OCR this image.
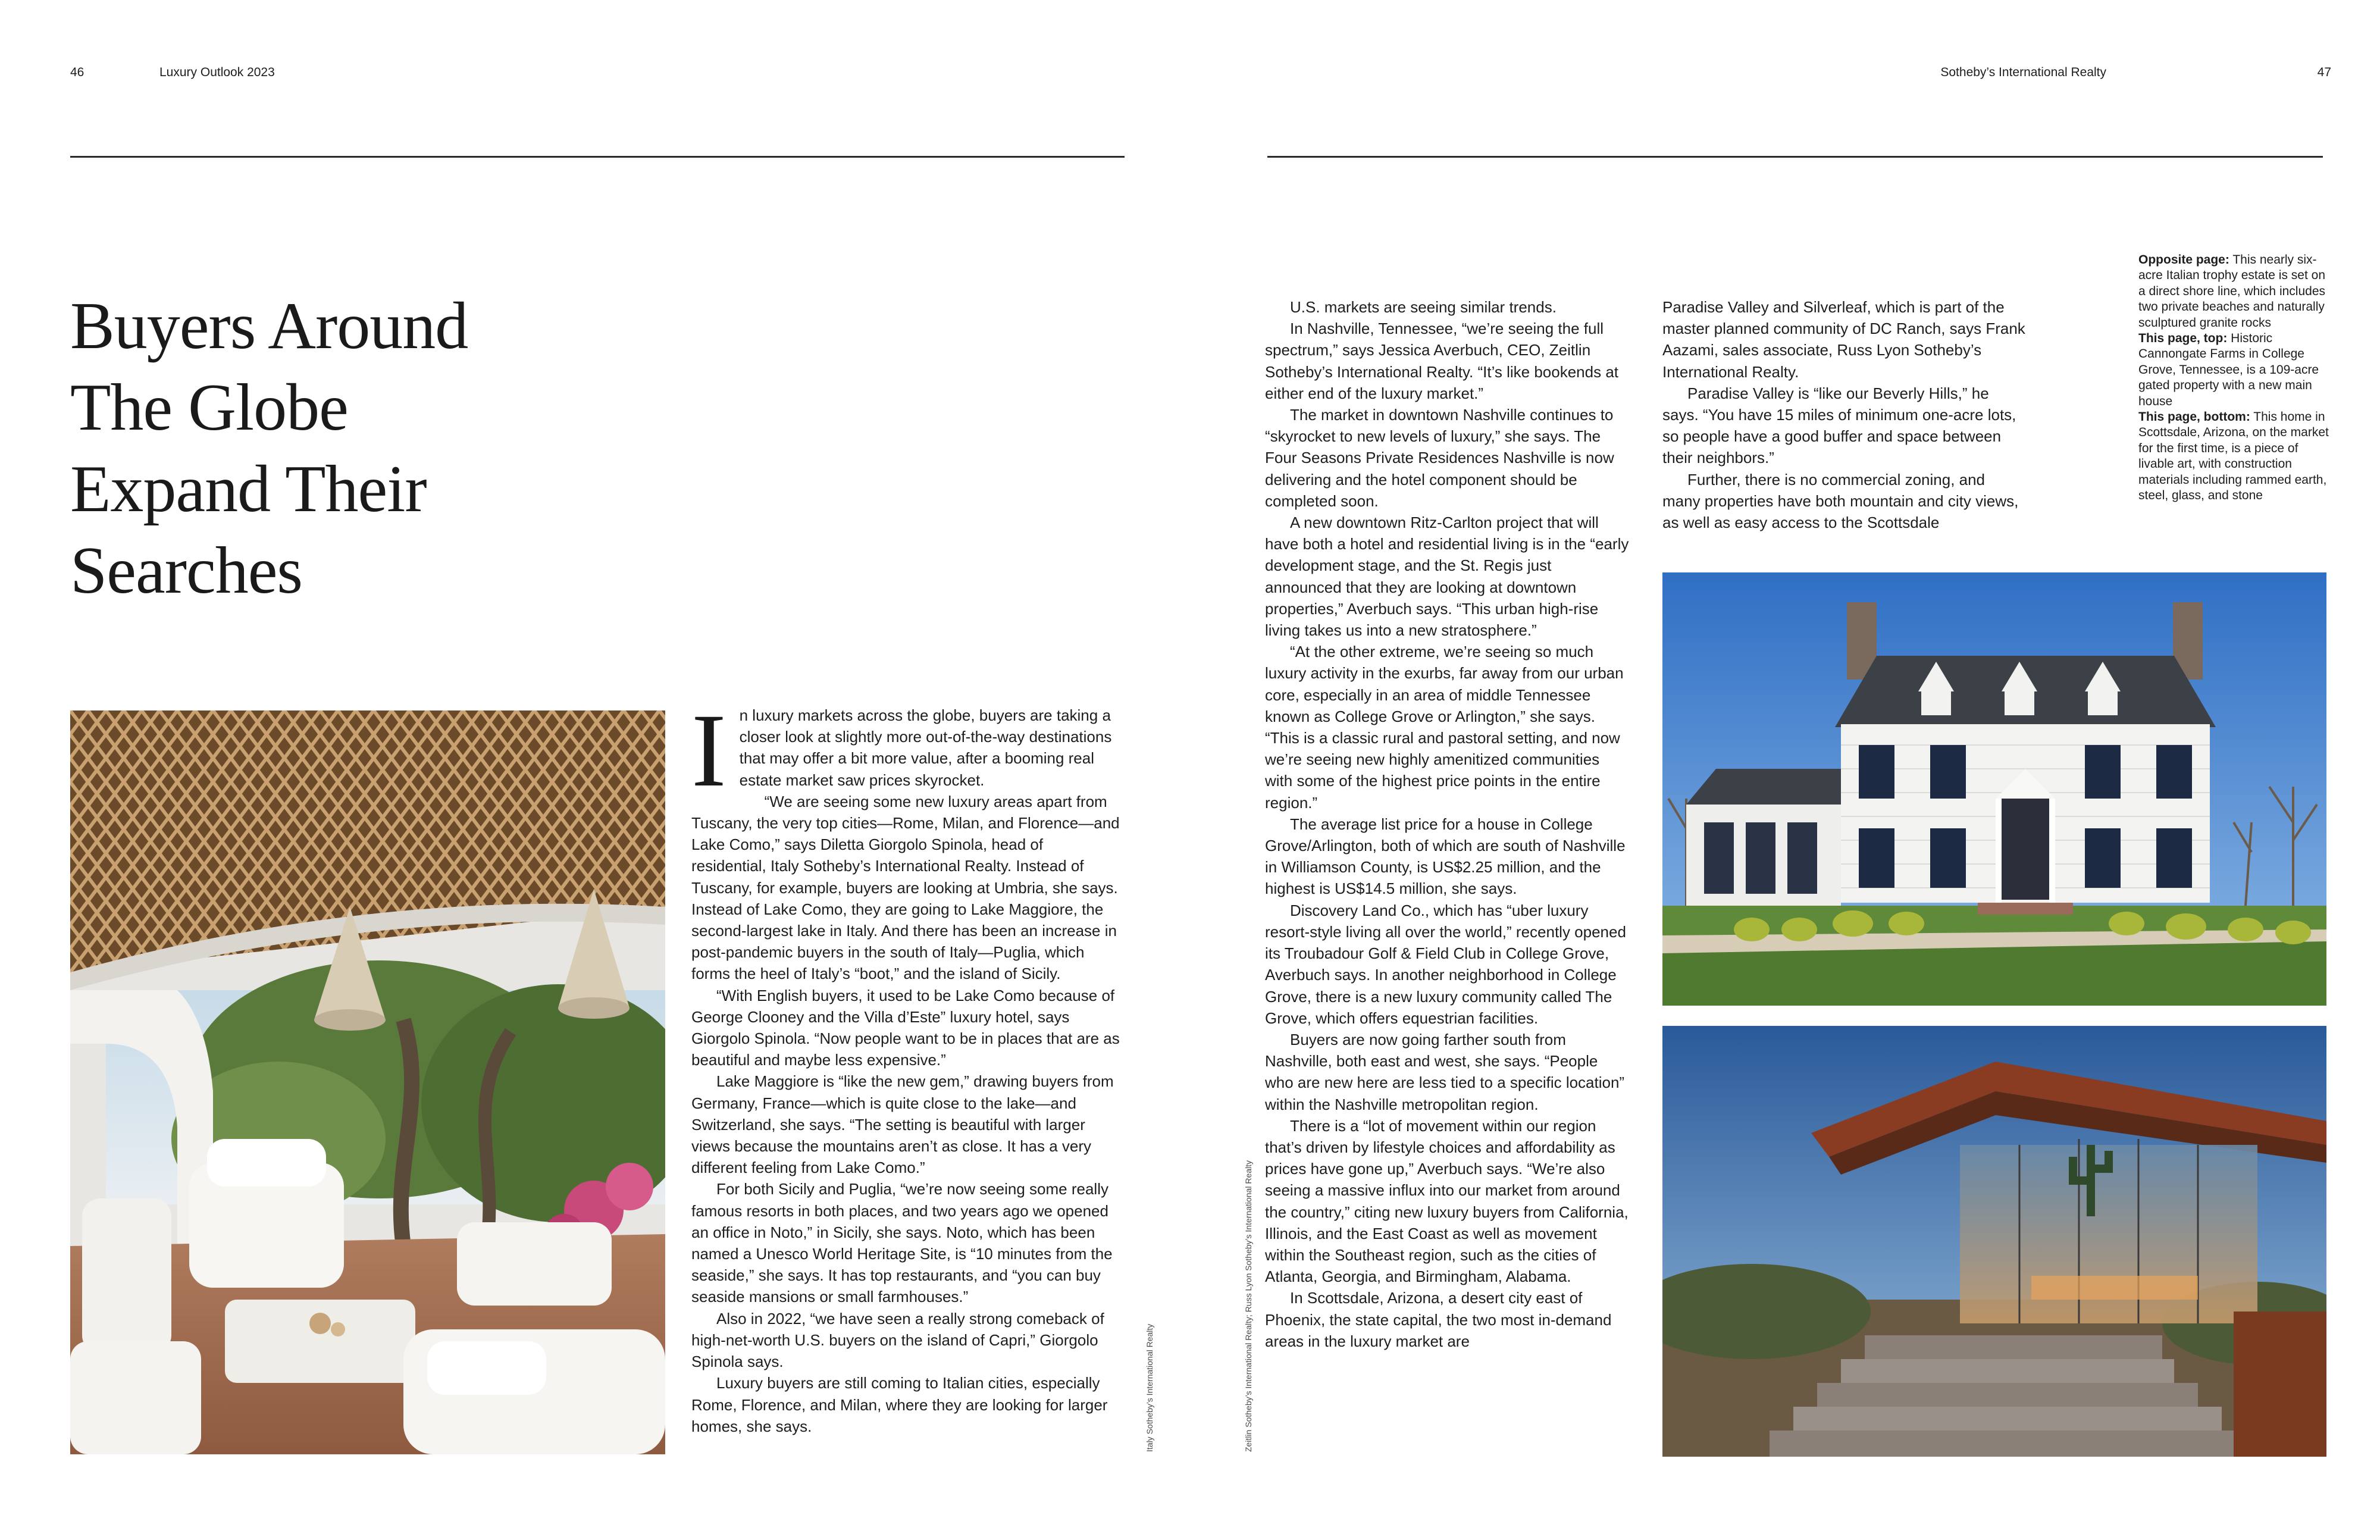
46	Luxury Outlook 2023	Sotheby’s International Realty	47
Buyers Around
The Globe
Expand Their
Searches
I n luxury markets across the globe, buyers are taking a closer look at slightly more out-of-the-way destinations that may offer a bit more value, after a booming real estate market saw prices skyrocket.

“We are seeing some new luxury areas apart from Tuscany, the very top cities—Rome, Milan, and Florence—and Lake Como,” says Diletta Giorgolo Spinola, head of residential, Italy Sotheby’s International Realty. Instead of Tuscany, for example, buyers are looking at Umbria, she says. Instead of Lake Como, they are going to Lake Maggiore, the second-largest lake in Italy. And there has been an increase in post-pandemic buyers in the south of Italy—Puglia, which forms the heel of Italy’s “boot,” and the island of Sicily.

“With English buyers, it used to be Lake Como because of George Clooney and the Villa d’Este” luxury hotel, says Giorgolo Spinola. “Now people want to be in places that are as beautiful and maybe less expensive.”

Lake Maggiore is “like the new gem,” drawing buyers from Germany, France—which is quite close to the lake—and Switzerland, she says. “The setting is beautiful with larger views because the mountains aren’t as close. It has a very different feeling from Lake Como.”

For both Sicily and Puglia, “we’re now seeing some really famous resorts in both places, and two years ago we opened an office in Noto,” in Sicily, she says. Noto, which has been named a Unesco World Heritage Site, is “10 minutes from the seaside,” she says. It has top restaurants, and “you can buy seaside mansions or small farmhouses.”

Also in 2022, “we have seen a really strong comeback of high-net-worth U.S. buyers on the island of Capri,” Giorgolo Spinola says.

Luxury buyers are still coming to Italian cities, especially Rome, Florence, and Milan, where they are looking for larger homes, she says.	Italy Sotheby’s International Realty	Zeitlin Sotheby’s International Realty; Russ Lyon Sotheby’s International Realty

U.S. markets are seeing similar trends.

In Nashville, Tennessee, “we’re seeing the full spectrum,” says Jessica Averbuch, CEO, Zeitlin Sotheby’s International Realty. “It’s like bookends at either end of the luxury market.”

The market in downtown Nashville continues to “skyrocket to new levels of luxury,” she says. The Four Seasons Private Residences Nashville is now delivering and the hotel component should be completed soon.

A new downtown Ritz-Carlton project that will have both a hotel and residential living is in the “early development stage, and the St. Regis just announced that they are looking at downtown properties,” Averbuch says. “This urban high-rise living takes us into a new stratosphere.”

“At the other extreme, we’re seeing so much luxury activity in the exurbs, far away from our urban core, especially in an area of middle Tennessee known as College Grove or Arlington,” she says. “This is a classic rural and pastoral setting, and now we’re seeing new highly amenitized communities with some of the highest price points in the entire region.”

The average list price for a house in College Grove/Arlington, both of which are south of Nashville in Williamson County, is US$2.25 million, and the highest is US$14.5 million, she says.

Discovery Land Co., which has “uber luxury resort-style living all over the world,” recently opened its Troubadour Golf & Field Club in College Grove, Averbuch says. In another neighborhood in College Grove, there is a new luxury community called The Grove, which offers equestrian facilities.

Buyers are now going farther south from Nashville, both east and west, she says. “People who are new here are less tied to a specific location” within the Nashville metropolitan region.

There is a “lot of movement within our region that’s driven by lifestyle choices and affordability as prices have gone up,” Averbuch says. “We’re also seeing a massive influx into our market from around the country,” citing new luxury buyers from California, Illinois, and the East Coast as well as movement within the Southeast region, such as the cities of Atlanta, Georgia, and Birmingham, Alabama.

In Scottsdale, Arizona, a desert city east of Phoenix, the state capital, the two most in-demand areas in the luxury market are

Paradise Valley and Silverleaf, which is part of the master planned community of DC Ranch, says Frank Aazami, sales associate, Russ Lyon Sotheby’s International Realty.

Paradise Valley is “like our Beverly Hills,” he says. “You have 15 miles of minimum one-acre lots, so people have a good buffer and space between their neighbors.”

Further, there is no commercial zoning, and many properties have both mountain and city views, as well as easy access to the Scottsdale

Opposite page: This nearly six-acre Italian trophy estate is set on a direct shore line, which includes two private beaches and naturally sculptured granite rocks
This page, top: Historic Cannongate Farms in College Grove, Tennessee, is a 109-acre gated property with a new main house
This page, bottom: This home in Scottsdale, Arizona, on the market for the first time, is a piece of livable art, with construction materials including rammed earth, steel, glass, and stone
